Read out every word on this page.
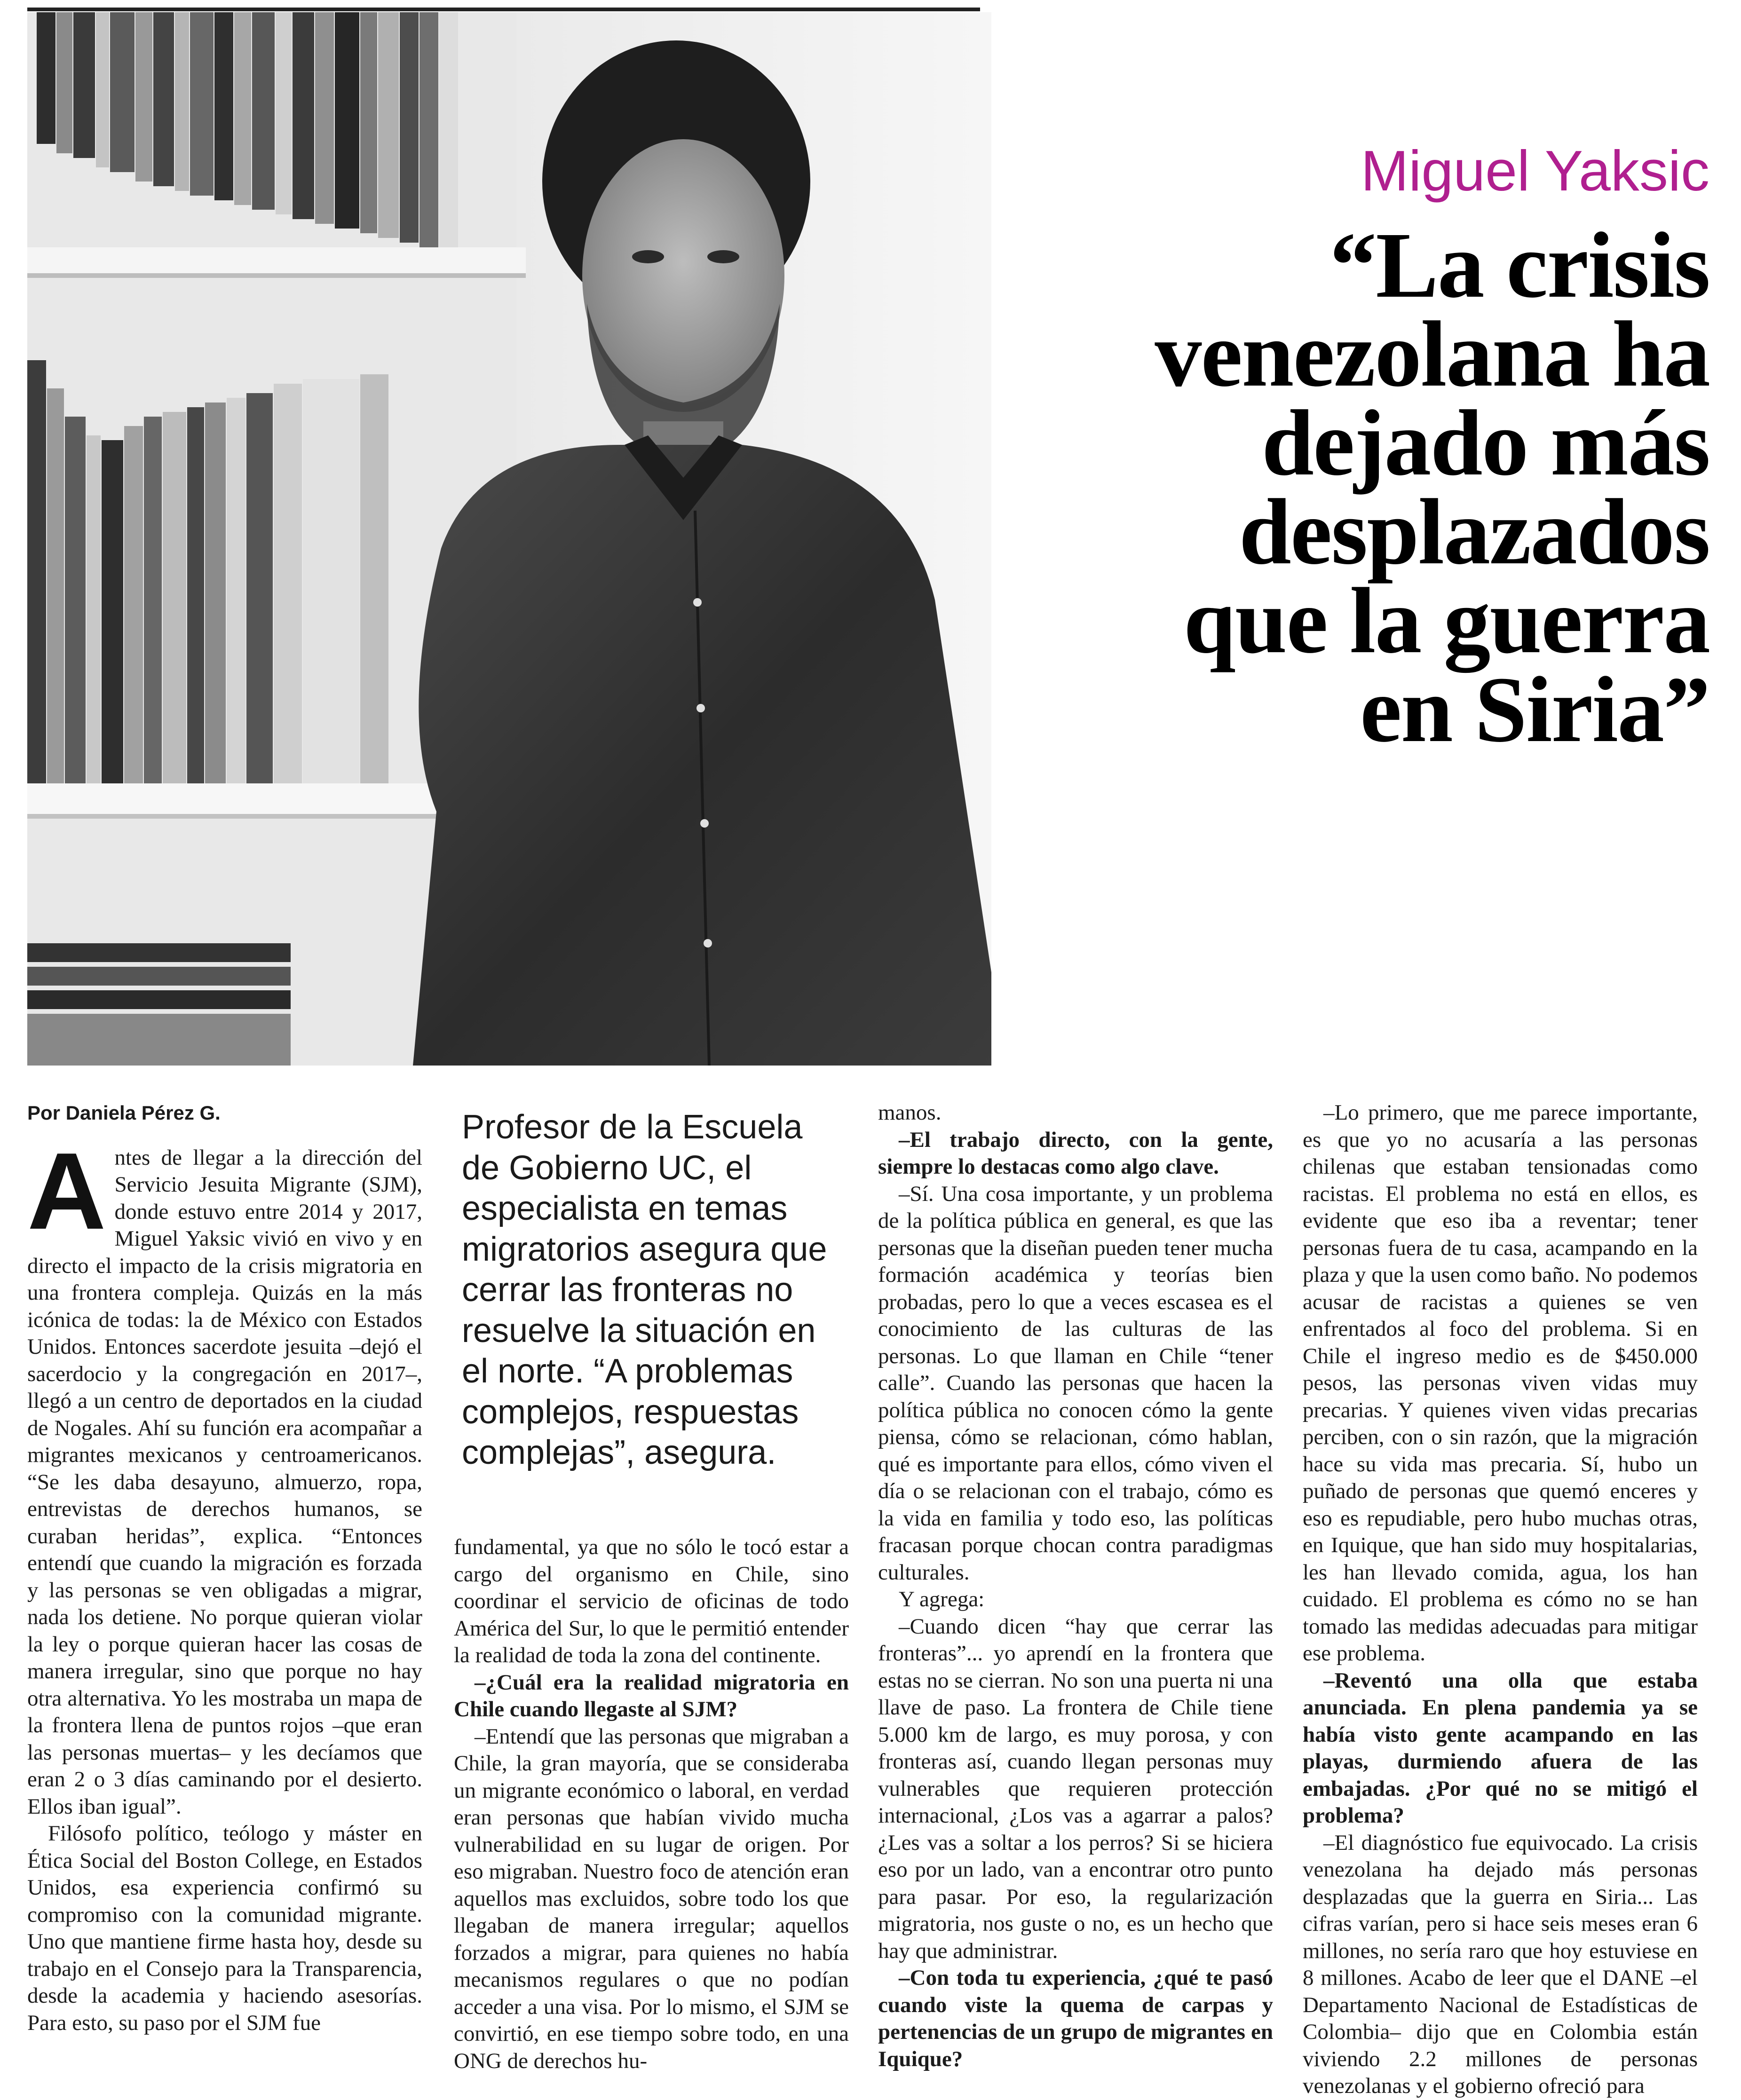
Miguel Yaksic
“La crisis
venezolana ha
dejado más
desplazados
que la guerra
en Siria”

Por Daniela Pérez G.

Antes de llegar a la dirección del Servicio Jesuita Migrante (SJM), donde estuvo entre 2014 y 2017, Miguel Yaksic vivió en vivo y en directo el impacto de la crisis migratoria en una frontera compleja. Quizás en la más icónica de todas: la de México con Estados Unidos. Entonces sacerdote jesuita –dejó el sacerdocio y la congregación en 2017–, llegó a un centro de deportados en la ciudad de Nogales. Ahí su función era acompañar a migrantes mexicanos y centroamericanos. “Se les daba desayuno, almuerzo, ropa, entrevistas de derechos humanos, se curaban heridas”, explica. “Entonces entendí que cuando la migración es forzada y las personas se ven obligadas a migrar, nada los detiene. No porque quieran violar la ley o porque quieran hacer las cosas de manera irregular, sino que porque no hay otra alternativa. Yo les mostraba un mapa de la frontera llena de puntos rojos –que eran las personas muertas– y les decíamos que eran 2 o 3 días caminando por el desierto. Ellos iban igual”.

Filósofo político, teólogo y máster en Ética Social del Boston College, en Estados Unidos, esa experiencia confirmó su compromiso con la comunidad migrante. Uno que mantiene firme hasta hoy, desde su trabajo en el Consejo para la Transparencia, desde la academia y haciendo asesorías. Para esto, su paso por el SJM fue

Profesor de la Escuela de Gobierno UC, el especialista en temas migratorios asegura que cerrar las fronteras no resuelve la situación en el norte. “A problemas complejos, respuestas complejas”, asegura.

fundamental, ya que no sólo le tocó estar a cargo del organismo en Chile, sino coordinar el servicio de oficinas de todo América del Sur, lo que le permitió entender la realidad de toda la zona del continente.

–¿Cuál era la realidad migratoria en Chile cuando llegaste al SJM?

–Entendí que las personas que migraban a Chile, la gran mayoría, que se consideraba un migrante económico o laboral, en verdad eran personas que habían vivido mucha vulnerabilidad en su lugar de origen. Por eso migraban. Nuestro foco de atención eran aquellos mas excluidos, sobre todo los que llegaban de manera irregular; aquellos forzados a migrar, para quienes no había mecanismos regulares o que no podían acceder a una visa. Por lo mismo, el SJM se convirtió, en ese tiempo sobre todo, en una ONG de derechos hu-

manos.

–El trabajo directo, con la gente, siempre lo destacas como algo clave.

–Sí. Una cosa importante, y un problema de la política pública en general, es que las personas que la diseñan pueden tener mucha formación académica y teorías bien probadas, pero lo que a veces escasea es el conocimiento de las culturas de las personas. Lo que llaman en Chile “tener calle”. Cuando las personas que hacen la política pública no conocen cómo la gente piensa, cómo se relacionan, cómo hablan, qué es importante para ellos, cómo viven el día o se relacionan con el trabajo, cómo es la vida en familia y todo eso, las políticas fracasan porque chocan contra paradigmas culturales.

Y agrega:

–Cuando dicen “hay que cerrar las fronteras”... yo aprendí en la frontera que estas no se cierran. No son una puerta ni una llave de paso. La frontera de Chile tiene 5.000 km de largo, es muy porosa, y con fronteras así, cuando llegan personas muy vulnerables que requieren protección internacional, ¿Los vas a agarrar a palos? ¿Les vas a soltar a los perros? Si se hiciera eso por un lado, van a encontrar otro punto para pasar. Por eso, la regularización migratoria, nos guste o no, es un hecho que hay que administrar.

–Con toda tu experiencia, ¿qué te pasó cuando viste la quema de carpas y pertenencias de un grupo de migrantes en Iquique?

–Lo primero, que me parece importante, es que yo no acusaría a las personas chilenas que estaban tensionadas como racistas. El problema no está en ellos, es evidente que eso iba a reventar; tener personas fuera de tu casa, acampando en la plaza y que la usen como baño. No podemos acusar de racistas a quienes se ven enfrentados al foco del problema. Si en Chile el ingreso medio es de $450.000 pesos, las personas viven vidas muy precarias. Y quienes viven vidas precarias perciben, con o sin razón, que la migración hace su vida mas precaria. Sí, hubo un puñado de personas que quemó enceres y eso es repudiable, pero hubo muchas otras, en Iquique, que han sido muy hospitalarias, les han llevado comida, agua, los han cuidado. El problema es cómo no se han tomado las medidas adecuadas para mitigar ese problema.

–Reventó una olla que estaba anunciada. En plena pandemia ya se había visto gente acampando en las playas, durmiendo afuera de las embajadas. ¿Por qué no se mitigó el problema?

–El diagnóstico fue equivocado. La crisis venezolana ha dejado más personas desplazadas que la guerra en Siria... Las cifras varían, pero si hace seis meses eran 6 millones, no sería raro que hoy estuviese en 8 millones. Acabo de leer que el DANE –el Departamento Nacional de Estadísticas de Colombia– dijo que en Colombia están viviendo 2.2 millones de personas venezolanas y el gobierno ofreció para
